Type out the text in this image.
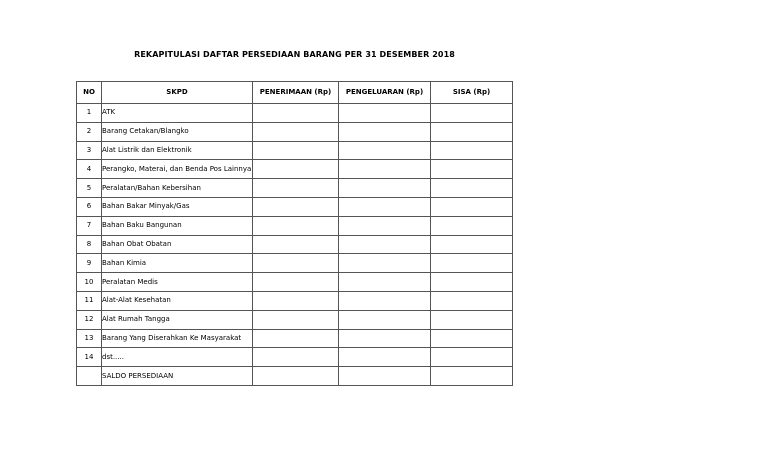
REKAPITULASI DAFTAR PERSEDIAAN BARANG PER 31 DESEMBER 2018
NO	SKPD	PENERIMAAN (Rp)	PENGELUARAN (Rp)	SISA (Rp)
1	ATK			
2	Barang Cetakan/Blangko			
3	Alat Listrik dan Elektronik			
4	Perangko, Materai, dan Benda Pos Lainnya			
5	Peralatan/Bahan Kebersihan			
6	Bahan Bakar Minyak/Gas			
7	Bahan Baku Bangunan			
8	Bahan Obat Obatan			
9	Bahan Kimia			
10	Peralatan Medis			
11	Alat-Alat Kesehatan			
12	Alat Rumah Tangga			
13	Barang Yang Diserahkan Ke Masyarakat			
14	dst.....			
	SALDO PERSEDIAAN			
